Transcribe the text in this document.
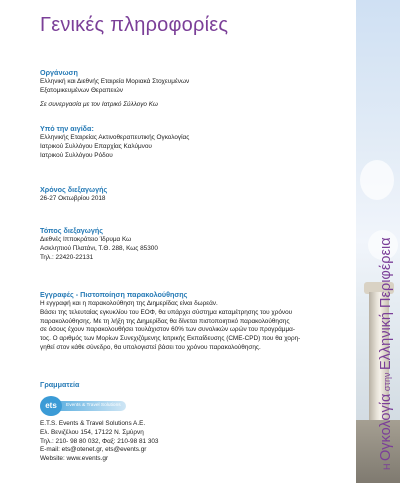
Γενικές πληροφορίες
Οργάνωση
Ελληνική και Διεθνής Εταιρεία Μοριακά Στοχευμένων
Εξατομικευμένων Θεραπειών
Σε συνεργασία με τον Ιατρικό Σύλλογο Κω
Υπό την αιγίδα:
Ελληνικής Εταιρείας Ακτινοθεραπευτικής Ογκολογίας
Ιατρικού Συλλόγου Επαρχίας Καλύμνου
Ιατρικού Συλλόγου Ρόδου
Χρόνος διεξαγωγής
26-27 Οκτωβρίου 2018
Τόπος διεξαγωγής
Διεθνές Ιπποκράτειο Ίδρυμα Κω
Ασκληπιού Πλατάνι, Τ.Θ. 288, Κως 85300
Τηλ.: 22420-22131
Εγγραφές - Πιστοποίηση παρακολούθησης
Η εγγραφή και η παρακολούθηση της Διημερίδας είναι δωρεάν.
Βάσει της τελευταίας εγκυκλίου του ΕΟΦ, θα υπάρχει σύστημα καταμέτρησης του χρόνου
παρακολούθησης. Με τη λήξη της Διημερίδας θα δίνεται πιστοποιητικό παρακολούθησης
σε όσους έχουν παρακολουθήσει τουλάχιστον 60% των συνολικών ωρών του προγράμμα-
τος. Ο αριθμός των Μορίων Συνεχιζόμενης Ιατρικής Εκπαίδευσης (CME-CPD) που θα χορη-
γηθεί στον κάθε σύνεδρο, θα υπολογιστεί βάσει του χρόνου παρακολούθησης.
Γραμματεία
ets	Events & Travel Solutions
E.T.S. Events & Travel Solutions A.E.
Ελ. Βενιζέλου 154, 17122 Ν. Σμύρνη
Τηλ.: 210- 98 80 032, Φαξ: 210-98 81 303
E-mail: ets@otenet.gr, ets@events.gr
Website: www.events.gr
Η Ογκολογία στην Ελληνική Περιφέρεια
